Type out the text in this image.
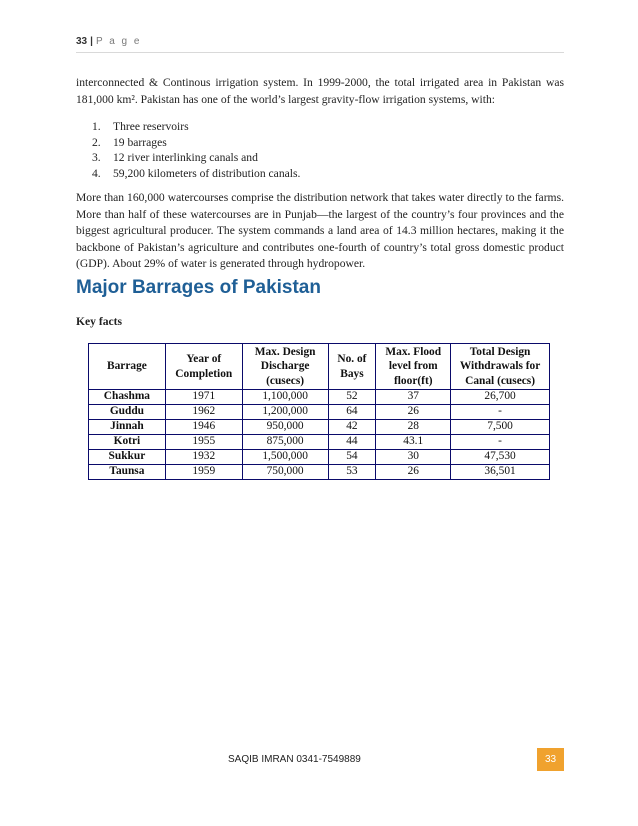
33 | P a g e

interconnected & Continous irrigation system. In 1999-2000, the total irrigated area in Pakistan was 181,000 km². Pakistan has one of the world’s largest gravity-flow irrigation systems, with:

1.	Three reservoirs
2.	19 barrages
3.	12 river interlinking canals and
4.	59,200 kilometers of distribution canals.

More than 160,000 watercourses comprise the distribution network that takes water directly to the farms. More than half of these watercourses are in Punjab—the largest of the country’s four provinces and the biggest agricultural producer. The system commands a land area of 14.3 million hectares, making it the backbone of Pakistan’s agriculture and contributes one-fourth of country’s total gross domestic product (GDP). About 29% of water is generated through hydropower.

Major Barrages of Pakistan
Key facts
Barrage	Year of Completion	Max. Design Discharge (cusecs)	No. of Bays	Max. Flood level from floor(ft)	Total Design Withdrawals for Canal (cusecs)
Chashma	1971	1,100,000	52	37	26,700
Guddu	1962	1,200,000	64	26	-
Jinnah	1946	950,000	42	28	7,500
Kotri	1955	875,000	44	43.1	-
Sukkur	1932	1,500,000	54	30	47,530
Taunsa	1959	750,000	53	26	36,501
SAQIB IMRAN 0341-7549889	33
